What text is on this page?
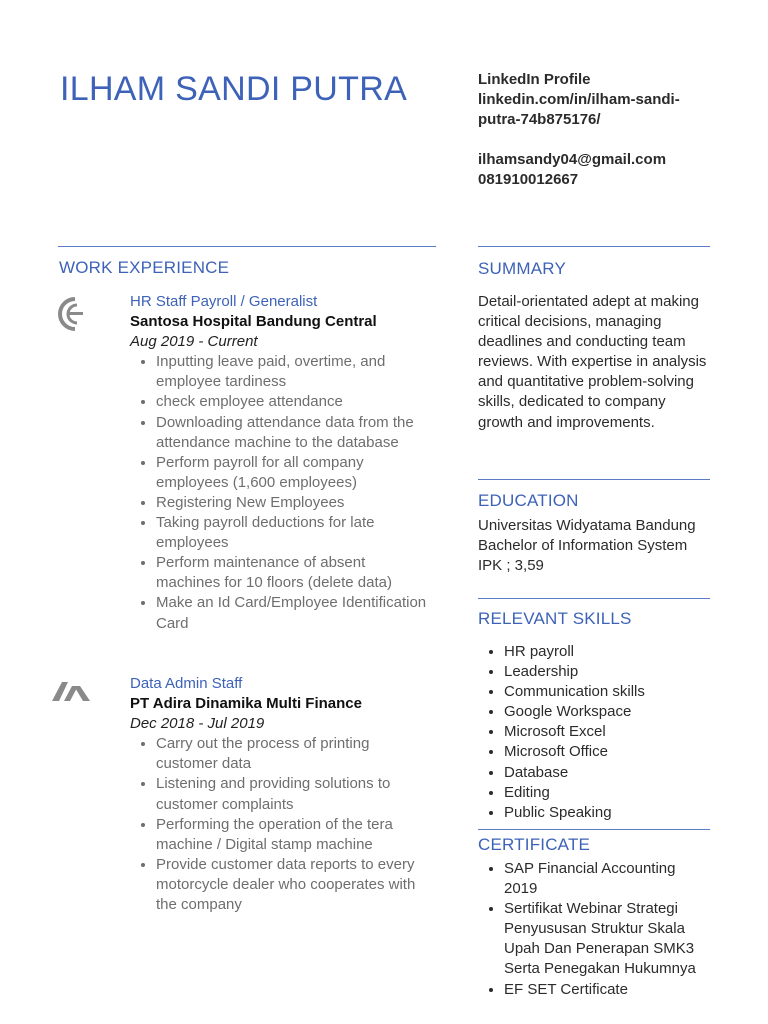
ILHAM SANDI PUTRA	LinkedIn Profile
linkedin.com/in/ilham-sandi-
putra-74b875176/
ilhamsandy04@gmail.com
081910012667
WORK EXPERIENCE
HR Staff Payroll / Generalist
Santosa Hospital Bandung Central
Aug 2019 - Current
• Inputting leave paid, overtime, and employee tardiness
• check employee attendance
• Downloading attendance data from the attendance machine to the database
• Perform payroll for all company employees (1,600 employees)
• Registering New Employees
• Taking payroll deductions for late employees
• Perform maintenance of absent machines for 10 floors (delete data)
• Make an Id Card/Employee Identification Card
Data Admin Staff
PT Adira Dinamika Multi Finance
Dec 2018 - Jul 2019
• Carry out the process of printing customer data
• Listening and providing solutions to customer complaints
• Performing the operation of the tera machine / Digital stamp machine
• Provide customer data reports to every motorcycle dealer who cooperates with the company
SUMMARY
Detail-orientated adept at making critical decisions, managing deadlines and conducting team reviews. With expertise in analysis and quantitative problem-solving skills, dedicated to company growth and improvements.
EDUCATION
Universitas Widyatama Bandung
Bachelor of Information System
IPK ; 3,59
RELEVANT SKILLS
• HR payroll
• Leadership
• Communication skills
• Google Workspace
• Microsoft Excel
• Microsoft Office
• Database
• Editing
• Public Speaking
CERTIFICATE
• SAP Financial Accounting 2019
• Sertifikat Webinar Strategi Penyususan Struktur Skala Upah Dan Penerapan SMK3 Serta Penegakan Hukumnya
• EF SET Certificate
